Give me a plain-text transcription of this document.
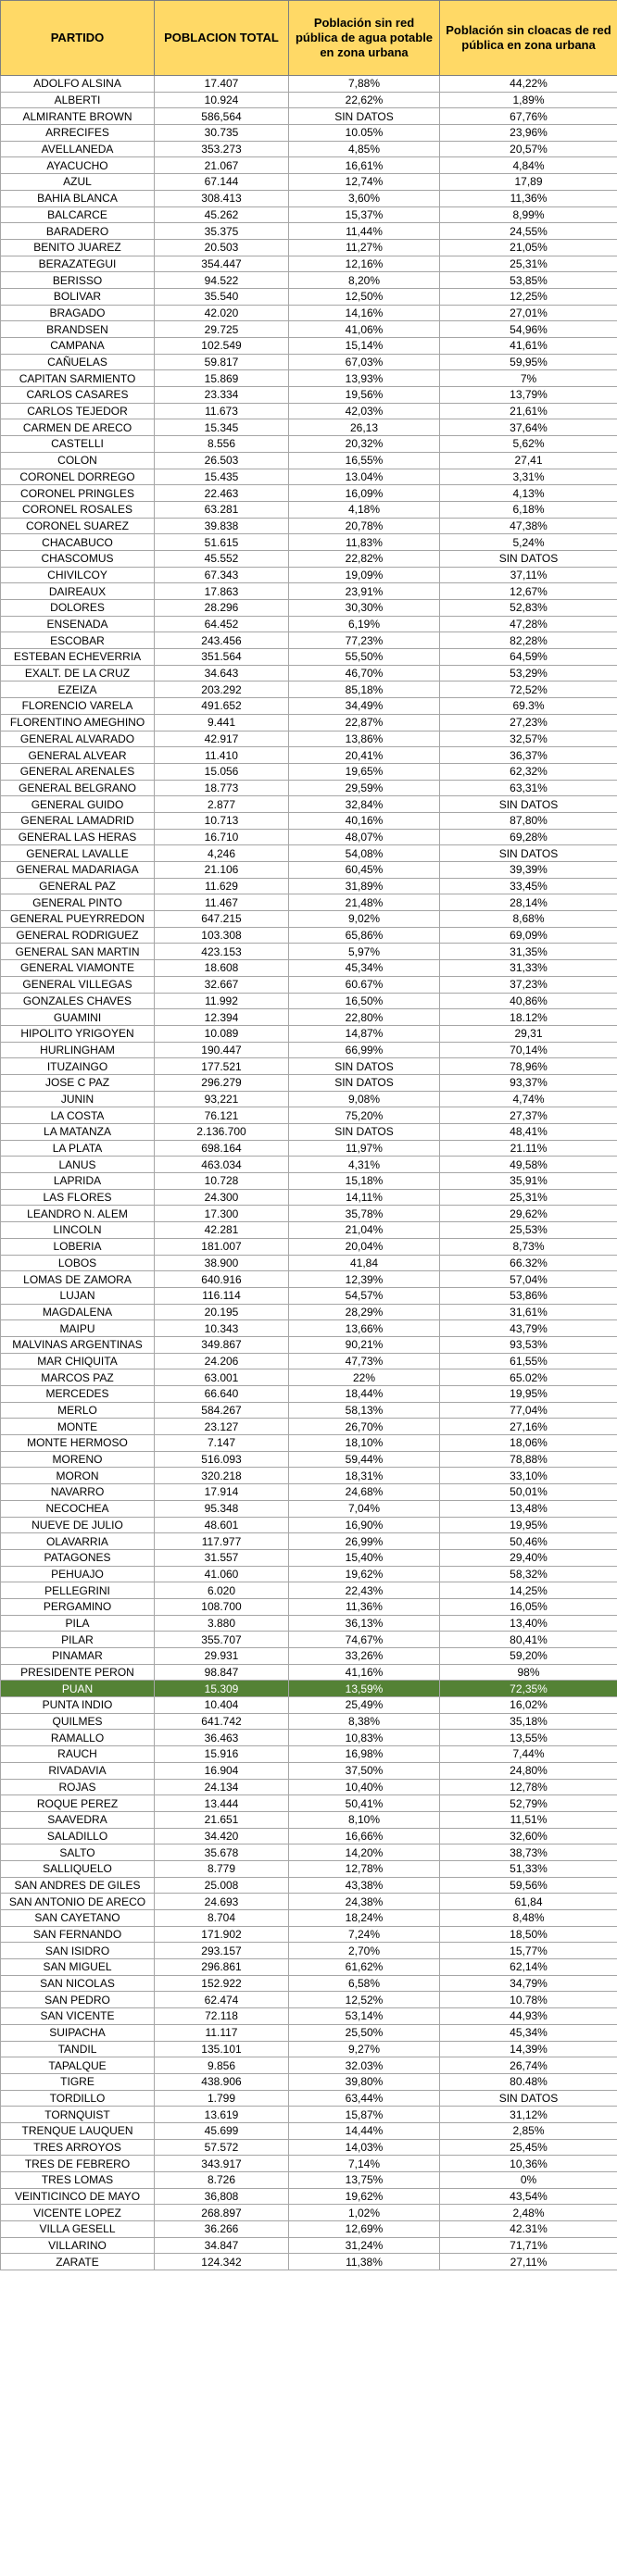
PARTIDO	POBLACION TOTAL	Población sin red pública de agua potable en zona urbana	Población sin cloacas de red pública en zona urbana
ADOLFO ALSINA	17.407	7,88%	44,22%
ALBERTI	10.924	22,62%	1,89%
ALMIRANTE BROWN	586,564	SIN DATOS	67,76%
ARRECIFES	30.735	10.05%	23,96%
AVELLANEDA	353.273	4,85%	20,57%
AYACUCHO	21.067	16,61%	4,84%
AZUL	67.144	12,74%	17,89
BAHIA BLANCA	308.413	3,60%	11,36%
BALCARCE	45.262	15,37%	8,99%
BARADERO	35.375	11,44%	24,55%
BENITO JUAREZ	20.503	11,27%	21,05%
BERAZATEGUI	354.447	12,16%	25,31%
BERISSO	94.522	8,20%	53,85%
BOLIVAR	35.540	12,50%	12,25%
BRAGADO	42.020	14,16%	27,01%
BRANDSEN	29.725	41,06%	54,96%
CAMPANA	102.549	15,14%	41,61%
CAÑUELAS	59.817	67,03%	59,95%
CAPITAN SARMIENTO	15.869	13,93%	7%
CARLOS CASARES	23.334	19,56%	13,79%
CARLOS TEJEDOR	11.673	42,03%	21,61%
CARMEN DE ARECO	15.345	26,13	37,64%
CASTELLI	8.556	20,32%	5,62%
COLON	26.503	16,55%	27,41
CORONEL DORREGO	15.435	13.04%	3,31%
CORONEL PRINGLES	22.463	16,09%	4,13%
CORONEL ROSALES	63.281	4,18%	6,18%
CORONEL SUAREZ	39.838	20,78%	47,38%
CHACABUCO	51.615	11,83%	5,24%
CHASCOMUS	45.552	22,82%	SIN DATOS
CHIVILCOY	67.343	19,09%	37,11%
DAIREAUX	17.863	23,91%	12,67%
DOLORES	28.296	30,30%	52,83%
ENSENADA	64.452	6,19%	47,28%
ESCOBAR	243.456	77,23%	82,28%
ESTEBAN ECHEVERRIA	351.564	55,50%	64,59%
EXALT. DE LA CRUZ	34.643	46,70%	53,29%
EZEIZA	203.292	85,18%	72,52%
FLORENCIO VARELA	491.652	34,49%	69.3%
FLORENTINO AMEGHINO	9.441	22,87%	27,23%
GENERAL ALVARADO	42.917	13,86%	32,57%
GENERAL ALVEAR	11.410	20,41%	36,37%
GENERAL ARENALES	15.056	19,65%	62,32%
GENERAL BELGRANO	18.773	29,59%	63,31%
GENERAL GUIDO	2.877	32,84%	SIN DATOS
GENERAL LAMADRID	10.713	40,16%	87,80%
GENERAL LAS HERAS	16.710	48,07%	69,28%
GENERAL LAVALLE	4,246	54,08%	SIN DATOS
GENERAL MADARIAGA	21.106	60,45%	39,39%
GENERAL PAZ	11.629	31,89%	33,45%
GENERAL PINTO	11.467	21,48%	28,14%
GENERAL PUEYRREDON	647.215	9,02%	8,68%
GENERAL RODRIGUEZ	103.308	65,86%	69,09%
GENERAL SAN MARTIN	423.153	5,97%	31,35%
GENERAL VIAMONTE	18.608	45,34%	31,33%
GENERAL VILLEGAS	32.667	60.67%	37,23%
GONZALES CHAVES	11.992	16,50%	40,86%
GUAMINI	12.394	22,80%	18.12%
HIPOLITO YRIGOYEN	10.089	14,87%	29,31
HURLINGHAM	190.447	66,99%	70,14%
ITUZAINGO	177.521	SIN DATOS	78,96%
JOSE C PAZ	296.279	SIN DATOS	93,37%
JUNIN	93,221	9,08%	4,74%
LA COSTA	76.121	75,20%	27,37%
LA MATANZA	2.136.700	SIN DATOS	48,41%
LA PLATA	698.164	11,97%	21.11%
LANUS	463.034	4,31%	49,58%
LAPRIDA	10.728	15,18%	35,91%
LAS FLORES	24.300	14,11%	25,31%
LEANDRO N. ALEM	17.300	35,78%	29,62%
LINCOLN	42.281	21,04%	25,53%
LOBERIA	181.007	20,04%	8,73%
LOBOS	38.900	41,84	66.32%
LOMAS DE ZAMORA	640.916	12,39%	57,04%
LUJAN	116.114	54,57%	53,86%
MAGDALENA	20.195	28,29%	31,61%
MAIPU	10.343	13,66%	43,79%
MALVINAS ARGENTINAS	349.867	90,21%	93,53%
MAR CHIQUITA	24.206	47,73%	61,55%
MARCOS PAZ	63.001	22%	65.02%
MERCEDES	66.640	18,44%	19,95%
MERLO	584.267	58,13%	77,04%
MONTE	23.127	26,70%	27,16%
MONTE HERMOSO	7.147	18,10%	18,06%
MORENO	516.093	59,44%	78,88%
MORON	320.218	18,31%	33,10%
NAVARRO	17.914	24,68%	50,01%
NECOCHEA	95.348	7,04%	13,48%
NUEVE DE JULIO	48.601	16,90%	19,95%
OLAVARRIA	117.977	26,99%	50,46%
PATAGONES	31.557	15,40%	29,40%
PEHUAJO	41.060	19,62%	58,32%
PELLEGRINI	6.020	22,43%	14,25%
PERGAMINO	108.700	11,36%	16,05%
PILA	3.880	36,13%	13,40%
PILAR	355.707	74,67%	80,41%
PINAMAR	29.931	33,26%	59,20%
PRESIDENTE PERON	98.847	41,16%	98%
PUAN	15.309	13,59%	72,35%
PUNTA INDIO	10.404	25,49%	16,02%
QUILMES	641.742	8,38%	35,18%
RAMALLO	36.463	10,83%	13,55%
RAUCH	15.916	16,98%	7,44%
RIVADAVIA	16.904	37,50%	24,80%
ROJAS	24.134	10,40%	12,78%
ROQUE PEREZ	13.444	50,41%	52,79%
SAAVEDRA	21.651	8,10%	11,51%
SALADILLO	34.420	16,66%	32,60%
SALTO	35.678	14,20%	38,73%
SALLIQUELO	8.779	12,78%	51,33%
SAN ANDRES DE GILES	25.008	43,38%	59,56%
SAN ANTONIO DE ARECO	24.693	24,38%	61,84
SAN CAYETANO	8.704	18,24%	8,48%
SAN FERNANDO	171.902	7,24%	18,50%
SAN ISIDRO	293.157	2,70%	15,77%
SAN MIGUEL	296.861	61,62%	62,14%
SAN NICOLAS	152.922	6,58%	34,79%
SAN PEDRO	62.474	12,52%	10.78%
SAN VICENTE	72.118	53,14%	44,93%
SUIPACHA	11.117	25,50%	45,34%
TANDIL	135.101	9,27%	14,39%
TAPALQUE	9.856	32.03%	26,74%
TIGRE	438.906	39,80%	80.48%
TORDILLO	1.799	63,44%	SIN DATOS
TORNQUIST	13.619	15,87%	31,12%
TRENQUE LAUQUEN	45.699	14,44%	2,85%
TRES ARROYOS	57.572	14,03%	25,45%
TRES DE FEBRERO	343.917	7,14%	10,36%
TRES LOMAS	8.726	13,75%	0%
VEINTICINCO DE MAYO	36,808	19,62%	43,54%
VICENTE LOPEZ	268.897	1,02%	2,48%
VILLA GESELL	36.266	12,69%	42.31%
VILLARINO	34.847	31,24%	71,71%
ZARATE	124.342	11,38%	27,11%
